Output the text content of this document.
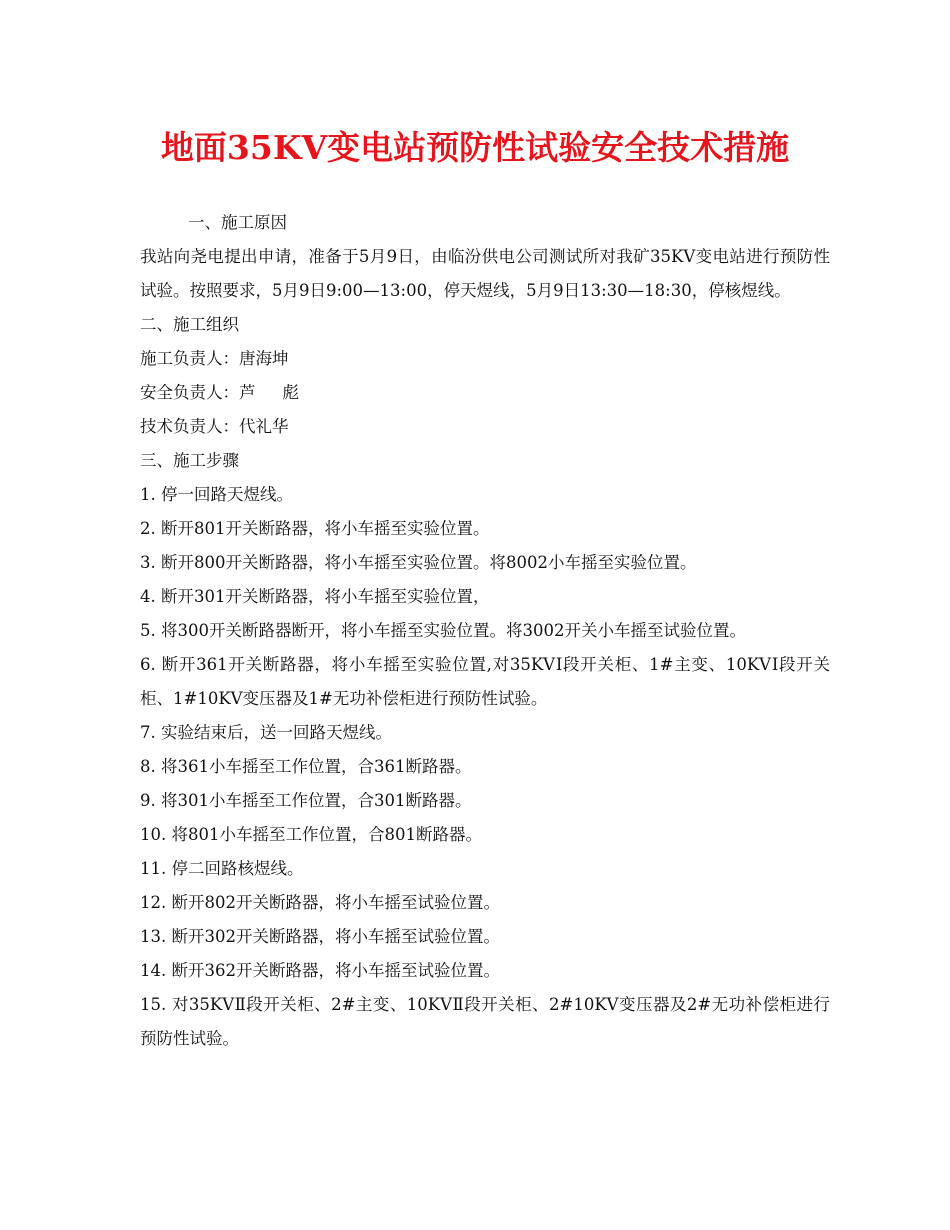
地面35KV变电站预防性试验安全技术措施

一、施工原因

我站向尧电提出申请，准备于5月9日，由临汾供电公司测试所对我矿35KV变电站进行预防性试验。按照要求，5月9日9:00—13:00，停天煜线，5月9日13:30—18:30，停核煜线。

二、施工组织

施工负责人：唐海坤

安全负责人：芦　  彪

技术负责人：代礼华

三、施工步骤

1. 停一回路天煜线。

2. 断开801开关断路器，将小车摇至实验位置。

3. 断开800开关断路器，将小车摇至实验位置。将8002小车摇至实验位置。

4. 断开301开关断路器，将小车摇至实验位置，

5. 将300开关断路器断开，将小车摇至实验位置。将3002开关小车摇至试验位置。

6. 断开361开关断路器，将小车摇至实验位置,对35KVⅠ段开关柜、1#主变、10KVⅠ段开关柜、1#10KV变压器及1#无功补偿柜进行预防性试验。

7. 实验结束后，送一回路天煜线。

8. 将361小车摇至工作位置，合361断路器。

9. 将301小车摇至工作位置，合301断路器。

10. 将801小车摇至工作位置，合801断路器。

11. 停二回路核煜线。

12. 断开802开关断路器，将小车摇至试验位置。

13. 断开302开关断路器，将小车摇至试验位置。

14. 断开362开关断路器，将小车摇至试验位置。

15. 对35KVⅡ段开关柜、2#主变、10KVⅡ段开关柜、2#10KV变压器及2#无功补偿柜进行预防性试验。
